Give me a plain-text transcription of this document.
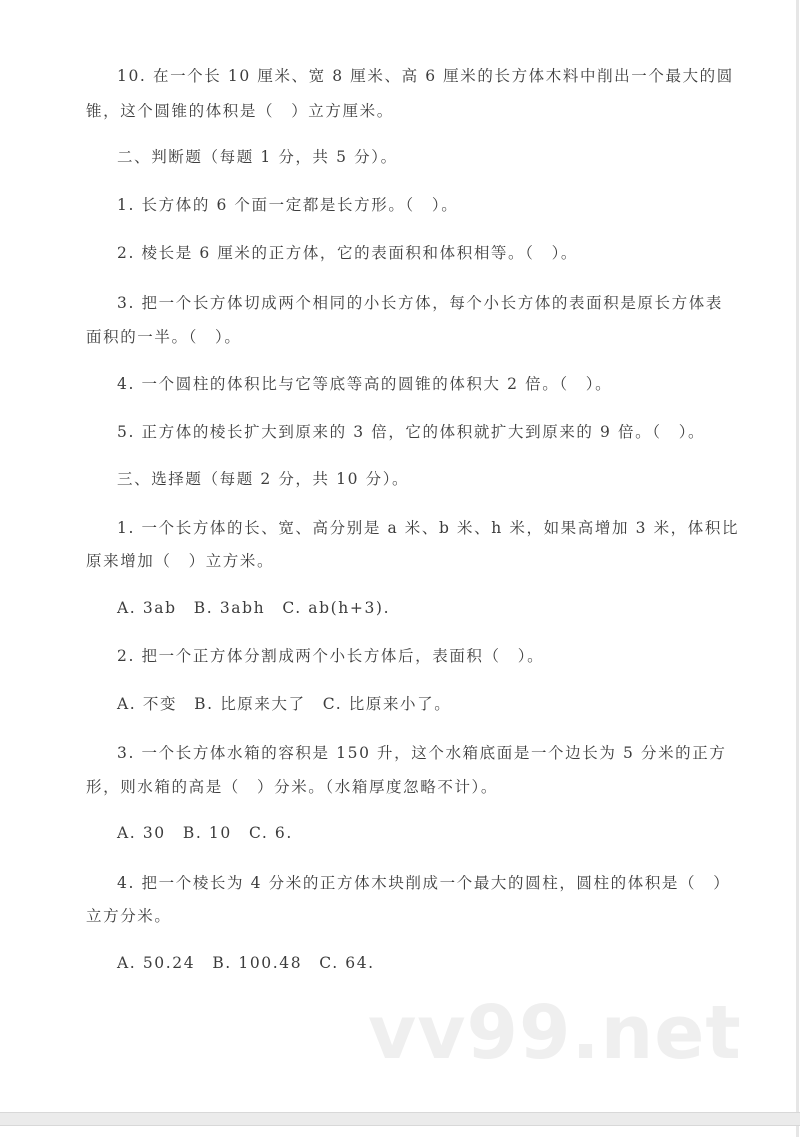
10. 在一个长 10 厘米、宽 8 厘米、高 6 厘米的长方体木料中削出一个最大的圆
锥，这个圆锥的体积是（　）立方厘米。
二、判断题（每题 1 分，共 5 分）。
1. 长方体的 6 个面一定都是长方形。（　）。
2. 棱长是 6 厘米的正方体，它的表面积和体积相等。（　）。
3. 把一个长方体切成两个相同的小长方体，每个小长方体的表面积是原长方体表
面积的一半。（　）。
4. 一个圆柱的体积比与它等底等高的圆锥的体积大 2 倍。（　）。
5. 正方体的棱长扩大到原来的 3 倍，它的体积就扩大到原来的 9 倍。（　）。
三、选择题（每题 2 分，共 10 分）。
1. 一个长方体的长、宽、高分别是 a 米、b 米、h 米，如果高增加 3 米，体积比
原来增加（　）立方米。
A. 3ab　B. 3abh　C. ab(h+3).
2. 把一个正方体分割成两个小长方体后，表面积（　）。
A. 不变　B. 比原来大了　C. 比原来小了。
3. 一个长方体水箱的容积是 150 升，这个水箱底面是一个边长为 5 分米的正方
形，则水箱的高是（　）分米。（水箱厚度忽略不计）。
A. 30　B. 10　C. 6.
4. 把一个棱长为 4 分米的正方体木块削成一个最大的圆柱，圆柱的体积是（　）
立方分米。
A. 50.24　B. 100.48　C. 64.
vv99.net
